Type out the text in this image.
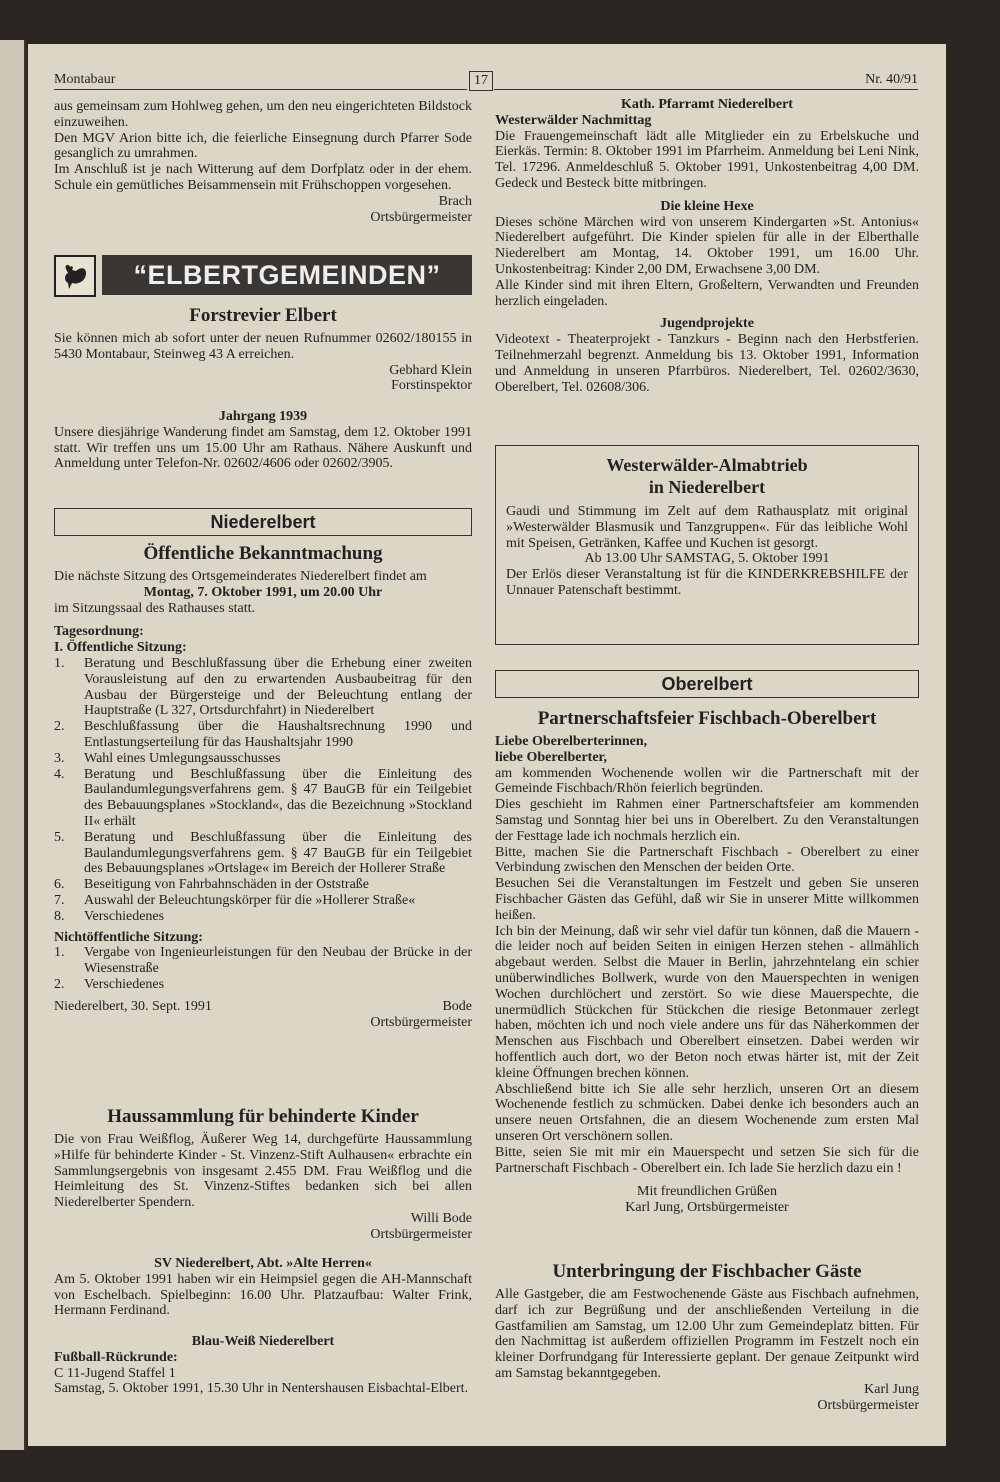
Montabaur	17	Nr. 40/91

aus gemeinsam zum Hohlweg gehen, um den neu eingerichteten Bildstock einzuweihen.

Den MGV Arion bitte ich, die feierliche Einsegnung durch Pfarrer Sode gesanglich zu umrahmen.

Im Anschluß ist je nach Witterung auf dem Dorfplatz oder in der ehem. Schule ein gemütliches Beisammensein mit Frühschoppen vorgesehen.

Brach

Ortsbürgermeister

“ELBERTGEMEINDEN”
Forstrevier Elbert

Sie können mich ab sofort unter der neuen Rufnummer 02602/180155 in 5430 Montabaur, Steinweg 43 A erreichen.

Gebhard Klein

Forstinspektor

Jahrgang 1939

Unsere diesjährige Wanderung findet am Samstag, dem 12. Oktober 1991 statt. Wir treffen uns um 15.00 Uhr am Rathaus. Nähere Auskunft und Anmeldung unter Telefon-Nr. 02602/4606 oder 02602/3905.

Niederelbert
Öffentliche Bekanntmachung

Die nächste Sitzung des Ortsgemeinderates Niederelbert findet am

Montag, 7. Oktober 1991, um 20.00 Uhr

im Sitzungssaal des Rathauses statt.

Tagesordnung:

I. Öffentliche Sitzung:

1.	Beratung und Beschlußfassung über die Erhebung einer zweiten Vorausleistung auf den zu erwartenden Ausbaubeitrag für den Ausbau der Bürgersteige und der Beleuchtung entlang der Hauptstraße (L 327, Ortsdurchfahrt) in Niederelbert
2.	Beschlußfassung über die Haushaltsrechnung 1990 und Entlastungserteilung für das Haushaltsjahr 1990
3.	Wahl eines Umlegungsausschusses
4.	Beratung und Beschlußfassung über die Einleitung des Baulandumlegungsverfahrens gem. § 47 BauGB für ein Teilgebiet des Bebauungsplanes »Stockland«, das die Bezeichnung »Stockland II« erhält
5.	Beratung und Beschlußfassung über die Einleitung des Baulandumlegungsverfahrens gem. § 47 BauGB für ein Teilgebiet des Bebauungsplanes »Ortslage« im Bereich der Hollerer Straße
6.	Beseitigung von Fahrbahnschäden in der Oststraße
7.	Auswahl der Beleuchtungskörper für die »Hollerer Straße«
8.	Verschiedenes

Nichtöffentliche Sitzung:

1.	Vergabe von Ingenieurleistungen für den Neubau der Brücke in der Wiesenstraße
2.	Verschiedenes
Niederelbert, 30. Sept. 1991	Bode

Ortsbürgermeister

Haussammlung für behinderte Kinder

Die von Frau Weißflog, Äußerer Weg 14, durchgefürte Haussammlung »Hilfe für behinderte Kinder - St. Vinzenz-Stift Aulhausen« erbrachte ein Sammlungsergebnis von insgesamt 2.455 DM. Frau Weißflog und die Heimleitung des St. Vinzenz-Stiftes bedanken sich bei allen Niederelberter Spendern.

Willi Bode

Ortsbürgermeister

SV Niederelbert, Abt. »Alte Herren«

Am 5. Oktober 1991 haben wir ein Heimpsiel gegen die AH-Mannschaft von Eschelbach. Spielbeginn: 16.00 Uhr. Platzaufbau: Walter Frink, Hermann Ferdinand.

Blau-Weiß Niederelbert

Fußball-Rückrunde:

C 11-Jugend Staffel 1

Samstag, 5. Oktober 1991, 15.30 Uhr in Nentershausen Eisbachtal-Elbert.

Kath. Pfarramt Niederelbert

Westerwälder Nachmittag

Die Frauengemeinschaft lädt alle Mitglieder ein zu Erbelskuche und Eierkäs. Termin: 8. Oktober 1991 im Pfarrheim. Anmeldung bei Leni Nink, Tel. 17296. Anmeldeschluß 5. Oktober 1991, Unkostenbeitrag 4,00 DM. Gedeck und Besteck bitte mitbringen.

Die kleine Hexe

Dieses schöne Märchen wird von unserem Kindergarten »St. Antonius« Niederelbert aufgeführt. Die Kinder spielen für alle in der Elberthalle Niederelbert am Montag, 14. Oktober 1991, um 16.00 Uhr. Unkostenbeitrag: Kinder 2,00 DM, Erwachsene 3,00 DM.

Alle Kinder sind mit ihren Eltern, Großeltern, Verwandten und Freunden herzlich eingeladen.

Jugendprojekte

Videotext - Theaterprojekt - Tanzkurs - Beginn nach den Herbstferien. Teilnehmerzahl begrenzt. Anmeldung bis 13. Oktober 1991, Information und Anmeldung in unseren Pfarrbüros. Niederelbert, Tel. 02602/3630, Oberelbert, Tel. 02608/306.

Westerwälder-Almabtrieb
in Niederelbert

Gaudi und Stimmung im Zelt auf dem Rathausplatz mit original »Westerwälder Blasmusik und Tanzgruppen«. Für das leibliche Wohl mit Speisen, Getränken, Kaffee und Kuchen ist gesorgt.

Ab 13.00 Uhr SAMSTAG, 5. Oktober 1991

Der Erlös dieser Veranstaltung ist für die KINDERKREBSHILFE der Unnauer Patenschaft bestimmt.

Oberelbert
Partnerschaftsfeier Fischbach-Oberelbert

Liebe Oberelberterinnen,

liebe Oberelberter,

am kommenden Wochenende wollen wir die Partnerschaft mit der Gemeinde Fischbach/Rhön feierlich begründen.

Dies geschieht im Rahmen einer Partnerschaftsfeier am kommenden Samstag und Sonntag hier bei uns in Oberelbert. Zu den Veranstaltungen der Festtage lade ich nochmals herzlich ein.

Bitte, machen Sie die Partnerschaft Fischbach - Oberelbert zu einer Verbindung zwischen den Menschen der beiden Orte.

Besuchen Sei die Veranstaltungen im Festzelt und geben Sie unseren Fischbacher Gästen das Gefühl, daß wir Sie in unserer Mitte willkommen heißen.

Ich bin der Meinung, daß wir sehr viel dafür tun können, daß die Mauern - die leider noch auf beiden Seiten in einigen Herzen stehen - allmählich abgebaut werden. Selbst die Mauer in Berlin, jahrzehntelang ein schier unüberwindliches Bollwerk, wurde von den Mauerspechten in wenigen Wochen durchlöchert und zerstört. So wie diese Mauerspechte, die unermüdlich Stückchen für Stückchen die riesige Betonmauer zerlegt haben, möchten ich und noch viele andere uns für das Näherkommen der Menschen aus Fischbach und Oberelbert einsetzen. Dabei werden wir hoffentlich auch dort, wo der Beton noch etwas härter ist, mit der Zeit kleine Öffnungen brechen können.

Abschließend bitte ich Sie alle sehr herzlich, unseren Ort an diesem Wochenende festlich zu schmücken. Dabei denke ich besonders auch an unsere neuen Ortsfahnen, die an diesem Wochenende zum ersten Mal unseren Ort verschönern sollen.

Bitte, seien Sie mit mir ein Mauerspecht und setzen Sie sich für die Partnerschaft Fischbach - Oberelbert ein. Ich lade Sie herzlich dazu ein !

Mit freundlichen Grüßen

Karl Jung, Ortsbürgermeister

Unterbringung der Fischbacher Gäste

Alle Gastgeber, die am Festwochenende Gäste aus Fischbach aufnehmen, darf ich zur Begrüßung und der anschließenden Verteilung in die Gastfamilien am Samstag, um 12.00 Uhr zum Gemeindeplatz bitten. Für den Nachmittag ist außerdem offiziellen Programm im Festzelt noch ein kleiner Dorfrundgang für Interessierte geplant. Der genaue Zeitpunkt wird am Samstag bekanntgegeben.

Karl Jung

Ortsbürgermeister
